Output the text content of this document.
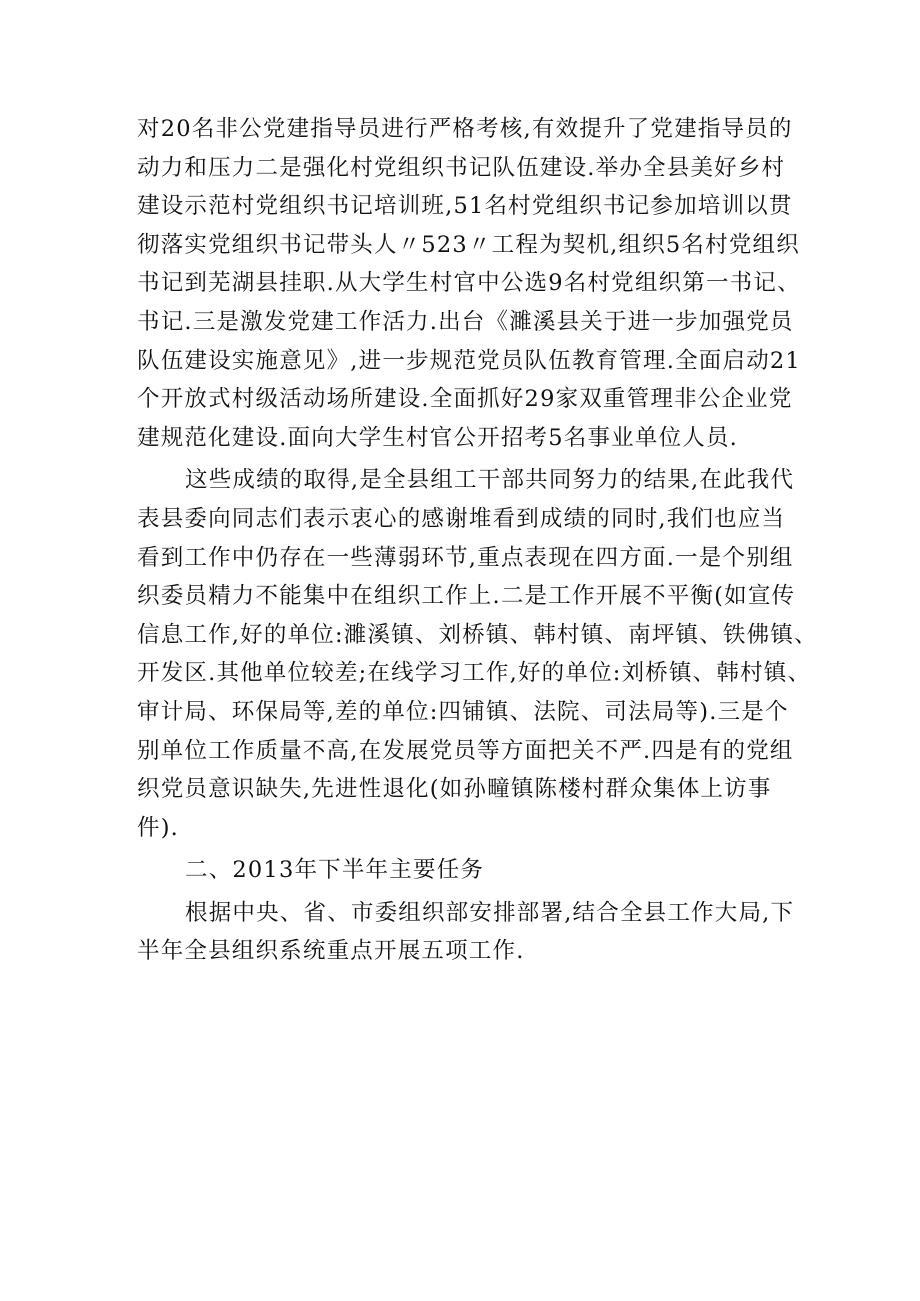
对20名非公党建指导员进行严格考核,有效提升了党建指导员的
动力和压力二是强化村党组织书记队伍建设.举办全县美好乡村
建设示范村党组织书记培训班,51名村党组织书记参加培训以贯
彻落实党组织书记带头人〃523〃工程为契机,组织5名村党组织
书记到芜湖县挂职.从大学生村官中公选9名村党组织第一书记、
书记.三是激发党建工作活力.出台《濉溪县关于进一步加强党员
队伍建设实施意见》,进一步规范党员队伍教育管理.全面启动21
个开放式村级活动场所建设.全面抓好29家双重管理非公企业党
建规范化建设.面向大学生村官公开招考5名事业单位人员.
这些成绩的取得,是全县组工干部共同努力的结果,在此我代
表县委向同志们表示衷心的感谢堆看到成绩的同时,我们也应当
看到工作中仍存在一些薄弱环节,重点表现在四方面.一是个别组
织委员精力不能集中在组织工作上.二是工作开展不平衡(如宣传
信息工作,好的单位:濉溪镇、刘桥镇、韩村镇、南坪镇、铁佛镇、
开发区.其他单位较差;在线学习工作,好的单位:刘桥镇、韩村镇、
审计局、环保局等,差的单位:四铺镇、法院、司法局等).三是个
别单位工作质量不高,在发展党员等方面把关不严.四是有的党组
织党员意识缺失,先进性退化(如孙疃镇陈楼村群众集体上访事
件).
二、2013年下半年主要任务
根据中央、省、市委组织部安排部署,结合全县工作大局,下
半年全县组织系统重点开展五项工作.
